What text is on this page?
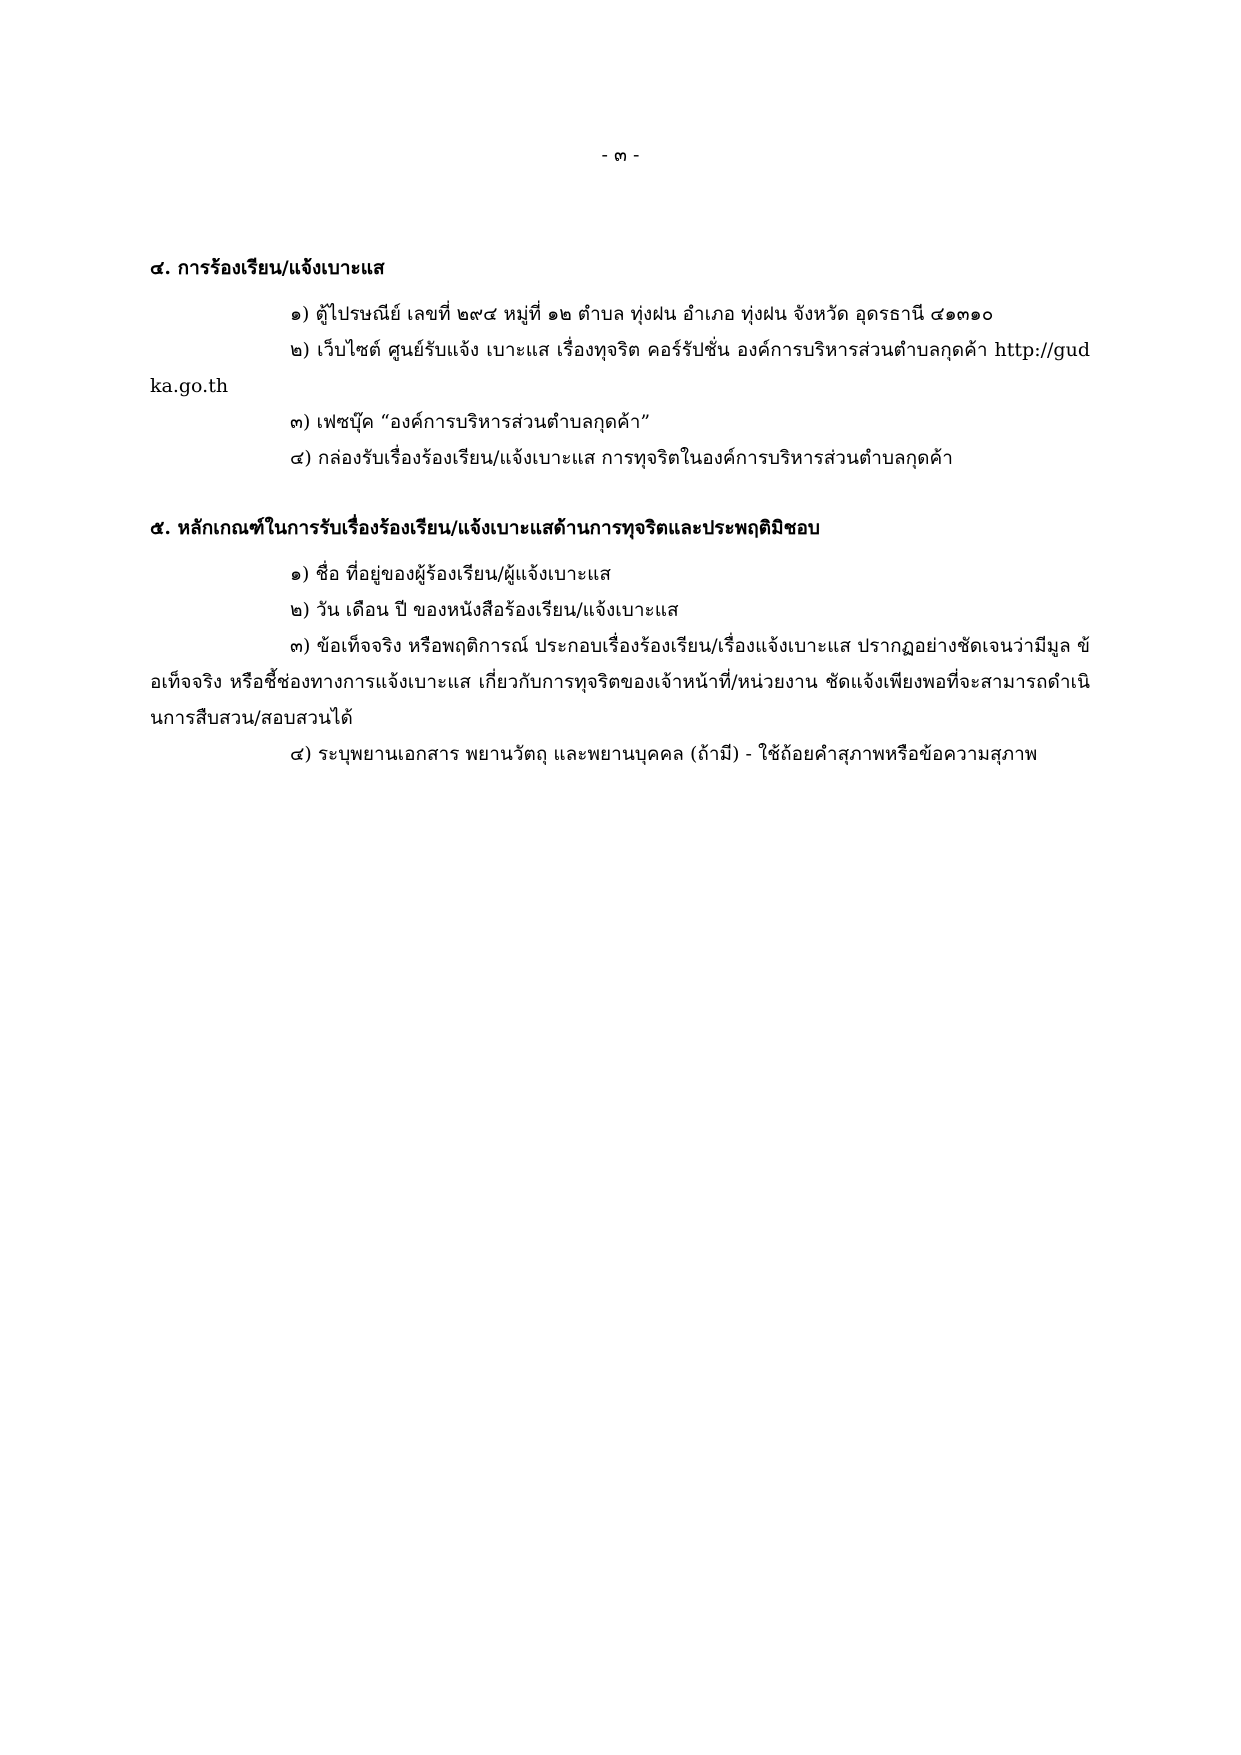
- ๓ -
๔. การร้องเรียน/แจ้งเบาะแส

๑) ตู้ไปรษณีย์ เลขที่ ๒๙๔ หมู่ที่ ๑๒ ตำบล ทุ่งฝน อำเภอ ทุ่งฝน จังหวัด อุดรธานี ๔๑๓๑๐

๒) เว็บไซต์ ศูนย์รับแจ้ง เบาะแส เรื่องทุจริต คอร์รัปชั่น องค์การบริหารส่วนตำบลกุดค้า http://gudka.go.th

๓) เฟซบุ๊ค “องค์การบริหารส่วนตำบลกุดค้า”

๔) กล่องรับเรื่องร้องเรียน/แจ้งเบาะแส การทุจริตในองค์การบริหารส่วนตำบลกุดค้า

๕. หลักเกณฑ์ในการรับเรื่องร้องเรียน/แจ้งเบาะแสด้านการทุจริตและประพฤติมิชอบ

๑) ชื่อ ที่อยู่ของผู้ร้องเรียน/ผู้แจ้งเบาะแส

๒) วัน เดือน ปี ของหนังสือร้องเรียน/แจ้งเบาะแส

๓) ข้อเท็จจริง หรือพฤติการณ์ ประกอบเรื่องร้องเรียน/เรื่องแจ้งเบาะแส ปรากฏอย่างชัดเจนว่ามีมูล ข้อเท็จจริง หรือชี้ช่องทางการแจ้งเบาะแส เกี่ยวกับการทุจริตของเจ้าหน้าที่/หน่วยงาน ชัดแจ้งเพียงพอที่จะสามารถดำเนินการสืบสวน/สอบสวนได้

๔) ระบุพยานเอกสาร พยานวัตถุ และพยานบุคคล (ถ้ามี) - ใช้ถ้อยคำสุภาพหรือข้อความสุภาพ
